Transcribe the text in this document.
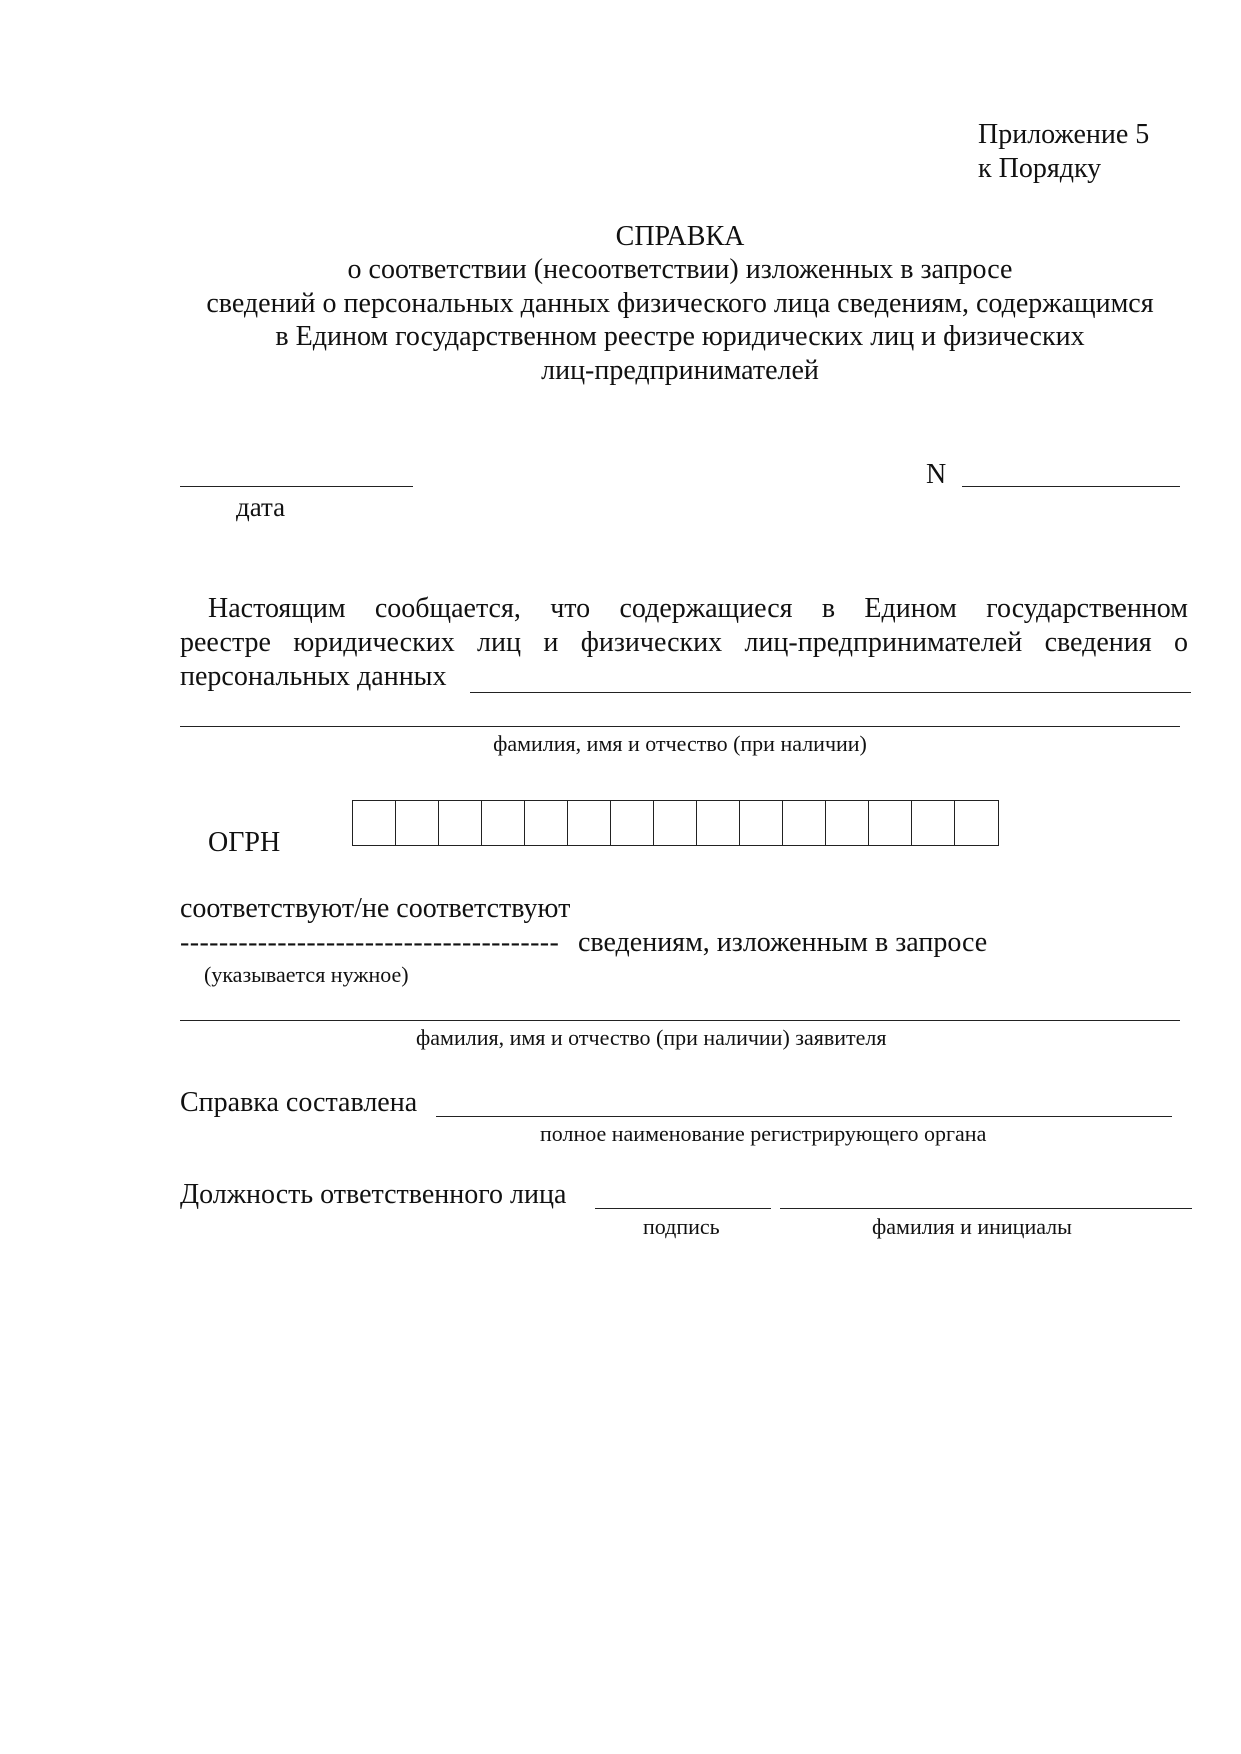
Приложение 5
к Порядку
СПРАВКА
о соответствии (несоответствии) изложенных в запросе
сведений о персональных данных физического лица сведениям, содержащимся
в Едином государственном реестре юридических лиц и физических
лиц-предпринимателей
дата
N
Настоящим сообщается, что содержащиеся в Едином государственном
реестре юридических лиц и физических лиц-предпринимателей сведения о
персональных данных
фамилия, имя и отчество (при наличии)
ОГРН
соответствуют/не соответствуют
--------------------------------------- сведениям, изложенным в запросе
(указывается нужное)
фамилия, имя и отчество (при наличии) заявителя
Справка составлена
полное наименование регистрирующего органа
Должность ответственного лица
подпись	фамилия и инициалы
